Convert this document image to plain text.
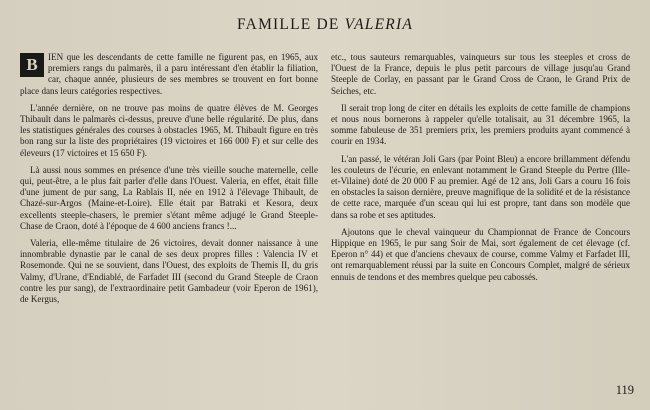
FAMILLE DE VALERIA

B	IEN que les descendants de cette famille ne figurent pas, en 1965, aux premiers rangs du palmarès, il a paru intéressant d'en établir la filiation, car, chaque année, plusieurs de ses membres se trouvent en fort bonne place dans leurs catégories respectives.

L'année dernière, on ne trouve pas moins de quatre élèves de M. Georges Thibault dans le palmarès ci-dessus, preuve d'une belle régularité. De plus, dans les statistiques générales des courses à obstacles 1965, M. Thibault figure en très bon rang sur la liste des propriétaires (19 victoires et 166 000 F) et sur celle des éleveurs (17 victoires et 15 650 F).

Là aussi nous sommes en présence d'une très vieille souche maternelle, celle qui, peut-être, a le plus fait parler d'elle dans l'Ouest. Valeria, en effet, était fille d'une jument de pur sang, La Rablais II, née en 1912 à l'élevage Thibault, de Chazé-sur-Argos (Maine-et-Loire). Elle était par Batraki et Kesora, deux excellents steeple-chasers, le premier s'étant même adjugé le Grand Steeple-Chase de Craon, doté à l'époque de 4 600 anciens francs !...

Valeria, elle-même titulaire de 26 victoires, devait donner naissance à une innombrable dynastie par le canal de ses deux propres filles : Valencia IV et Rosemonde. Qui ne se souvient, dans l'Ouest, des exploits de Themis II, du gris Valmy, d'Urane, d'Endiablé, de Farfadet III (second du Grand Steeple de Craon contre les pur sang), de l'extraordinaire petit Gambadeur (voir Eperon de 1961), de Kergus,

etc., tous sauteurs remarquables, vainqueurs sur tous les steeples et cross de l'Ouest de la France, depuis le plus petit parcours de village jusqu'au Grand Steeple de Corlay, en passant par le Grand Cross de Craon, le Grand Prix de Seiches, etc.

Il serait trop long de citer en détails les exploits de cette famille de champions et nous nous bornerons à rappeler qu'elle totalisait, au 31 décembre 1965, la somme fabuleuse de 351 premiers prix, les premiers produits ayant commencé à courir en 1934.

L'an passé, le vétéran Joli Gars (par Point Bleu) a encore brillamment défendu les couleurs de l'écurie, en enlevant notamment le Grand Steeple du Pertre (Ille-et-Vilaine) doté de 20 000 F au premier. Agé de 12 ans, Joli Gars a couru 16 fois en obstacles la saison dernière, preuve magnifique de la solidité et de la résistance de cette race, marquée d'un sceau qui lui est propre, tant dans son modèle que dans sa robe et ses aptitudes.

Ajoutons que le cheval vainqueur du Championnat de France de Concours Hippique en 1965, le pur sang Soir de Mai, sort également de cet élevage (cf. Eperon n° 44) et que d'anciens chevaux de course, comme Valmy et Farfadet III, ont remarquablement réussi par la suite en Concours Complet, malgré de sérieux ennuis de tendons et des membres quelque peu cabossés.

119
